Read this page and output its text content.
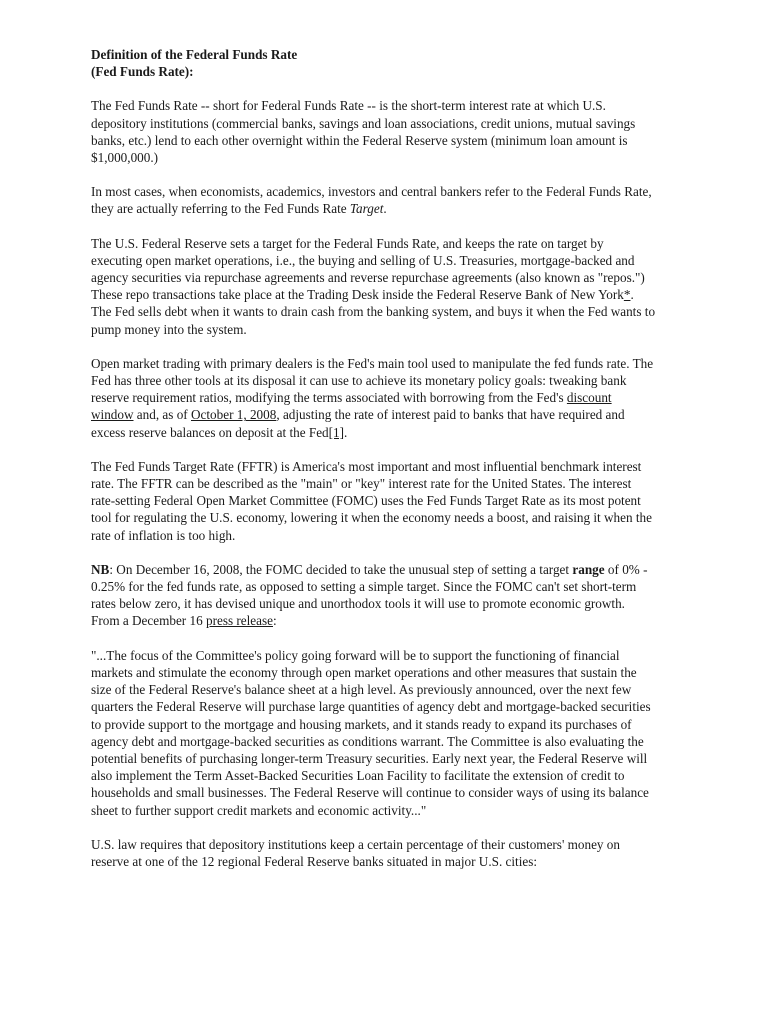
Definition of the Federal Funds Rate

(Fed Funds Rate):

The Fed Funds Rate -- short for Federal Funds Rate -- is the short-term interest rate at which U.S. depository institutions (commercial banks, savings and loan associations, credit unions, mutual savings banks, etc.) lend to each other overnight within the Federal Reserve system (minimum loan amount is $1,000,000.)

In most cases, when economists, academics, investors and central bankers refer to the Federal Funds Rate, they are actually referring to the Fed Funds Rate Target.

The U.S. Federal Reserve sets a target for the Federal Funds Rate, and keeps the rate on target by executing open market operations, i.e., the buying and selling of U.S. Treasuries, mortgage-backed and agency securities via repurchase agreements and reverse repurchase agreements (also known as "repos.") These repo transactions take place at the Trading Desk inside the Federal Reserve Bank of New York*. The Fed sells debt when it wants to drain cash from the banking system, and buys it when the Fed wants to pump money into the system.

Open market trading with primary dealers is the Fed's main tool used to manipulate the fed funds rate. The Fed has three other tools at its disposal it can use to achieve its monetary policy goals: tweaking bank reserve requirement ratios, modifying the terms associated with borrowing from the Fed's discount window and, as of October 1, 2008, adjusting the rate of interest paid to banks that have required and excess reserve balances on deposit at the Fed[1].

The Fed Funds Target Rate (FFTR) is America's most important and most influential benchmark interest rate. The FFTR can be described as the "main" or "key" interest rate for the United States. The interest rate-setting Federal Open Market Committee (FOMC) uses the Fed Funds Target Rate as its most potent tool for regulating the U.S. economy, lowering it when the economy needs a boost, and raising it when the rate of inflation is too high.

NB: On December 16, 2008, the FOMC decided to take the unusual step of setting a target range of 0% - 0.25% for the fed funds rate, as opposed to setting a simple target. Since the FOMC can't set short-term rates below zero, it has devised unique and unorthodox tools it will use to promote economic growth. From a December 16 press release:

"...The focus of the Committee's policy going forward will be to support the functioning of financial markets and stimulate the economy through open market operations and other measures that sustain the size of the Federal Reserve's balance sheet at a high level. As previously announced, over the next few quarters the Federal Reserve will purchase large quantities of agency debt and mortgage-backed securities to provide support to the mortgage and housing markets, and it stands ready to expand its purchases of agency debt and mortgage-backed securities as conditions warrant. The Committee is also evaluating the potential benefits of purchasing longer-term Treasury securities. Early next year, the Federal Reserve will also implement the Term Asset-Backed Securities Loan Facility to facilitate the extension of credit to households and small businesses. The Federal Reserve will continue to consider ways of using its balance sheet to further support credit markets and economic activity..."

U.S. law requires that depository institutions keep a certain percentage of their customers' money on reserve at one of the 12 regional Federal Reserve banks situated in major U.S. cities:
